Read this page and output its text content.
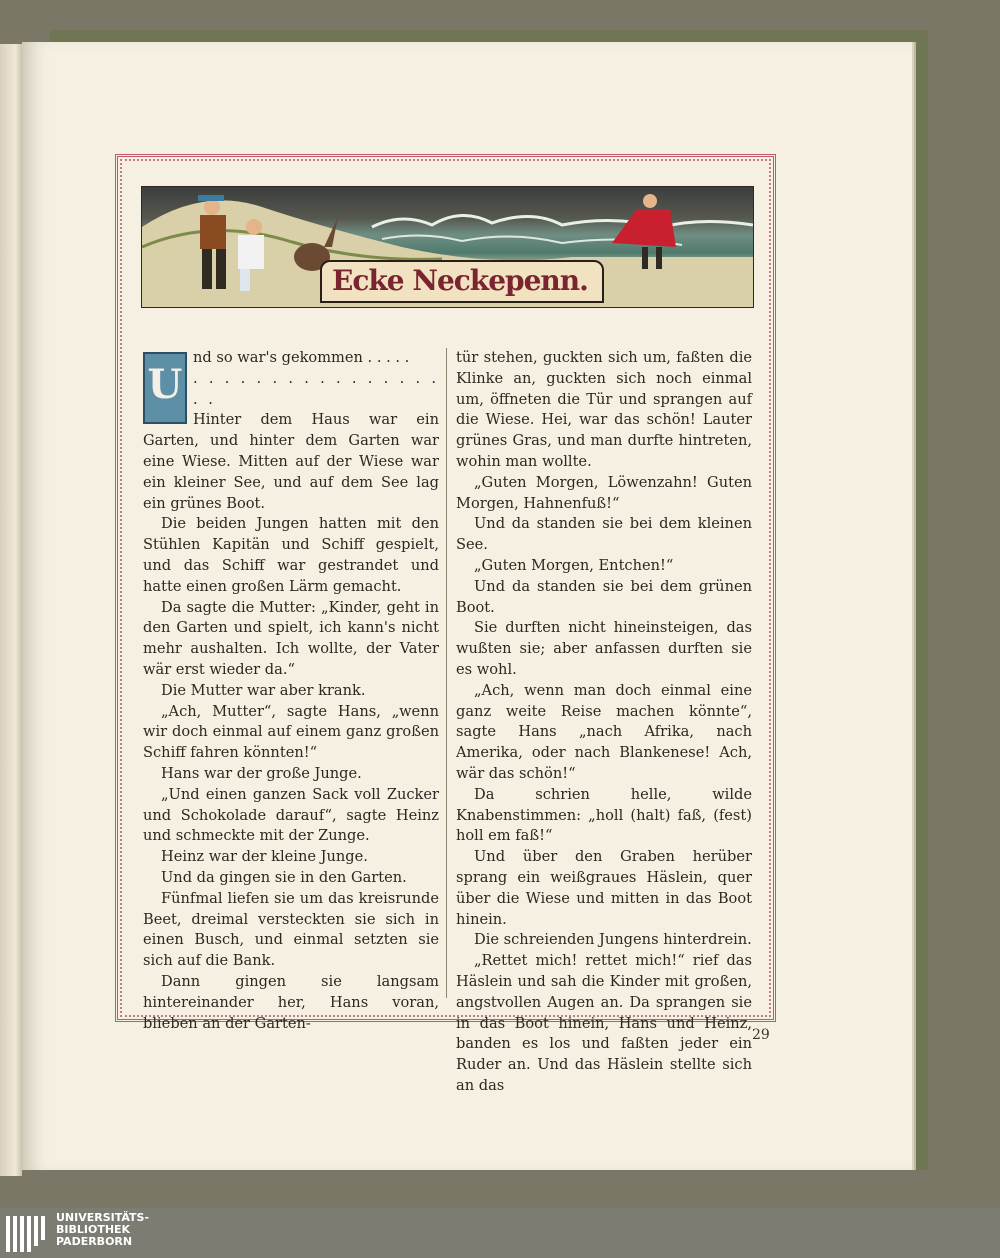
Ecke Neckepenn.
U

nd so war's gekommen . . . . .

. . . . . . . . . . . . . . . . . .

Hinter dem Haus war ein Garten, und hinter dem Garten war eine Wiese. Mitten auf der Wiese war ein kleiner See, und auf dem See lag ein grünes Boot.

Die beiden Jungen hatten mit den Stühlen Kapitän und Schiff gespielt, und das Schiff war gestrandet und hatte einen großen Lärm gemacht.

Da sagte die Mutter: „Kinder, geht in den Garten und spielt, ich kann's nicht mehr aushalten. Ich wollte, der Vater wär erst wieder da.“

Die Mutter war aber krank.

„Ach, Mutter“, sagte Hans, „wenn wir doch einmal auf einem ganz großen Schiff fahren könnten!“

Hans war der große Junge.

„Und einen ganzen Sack voll Zucker und Schokolade darauf“, sagte Heinz und schmeckte mit der Zunge.

Heinz war der kleine Junge.

Und da gingen sie in den Garten.

Fünfmal liefen sie um das kreisrunde Beet, dreimal versteckten sie sich in einen Busch, und einmal setzten sie sich auf die Bank.

Dann gingen sie langsam hintereinander her, Hans voran, blieben an der Garten-

tür stehen, guckten sich um, faßten die Klinke an, guckten sich noch einmal um, öffneten die Tür und sprangen auf die Wiese. Hei, war das schön! Lauter grünes Gras, und man durfte hintreten, wohin man wollte.

„Guten Morgen, Löwenzahn! Guten Morgen, Hahnenfuß!“

Und da standen sie bei dem kleinen See.

„Guten Morgen, Entchen!“

Und da standen sie bei dem grünen Boot.

Sie durften nicht hineinsteigen, das wußten sie; aber anfassen durften sie es wohl.

„Ach, wenn man doch einmal eine ganz weite Reise machen könnte“, sagte Hans „nach Afrika, nach Amerika, oder nach Blankenese! Ach, wär das schön!“

Da schrien helle, wilde Knabenstimmen: „holl (halt) faß, (fest) holl em faß!“

Und über den Graben herüber sprang ein weißgraues Häslein, quer über die Wiese und mitten in das Boot hinein.

Die schreienden Jungens hinterdrein.

„Rettet mich! rettet mich!“ rief das Häslein und sah die Kinder mit großen, angstvollen Augen an. Da sprangen sie in das Boot hinein, Hans und Heinz, banden es los und faßten jeder ein Ruder an. Und das Häslein stellte sich an das

29
UNIVERSITÄTS-
BIBLIOTHEK
PADERBORN
